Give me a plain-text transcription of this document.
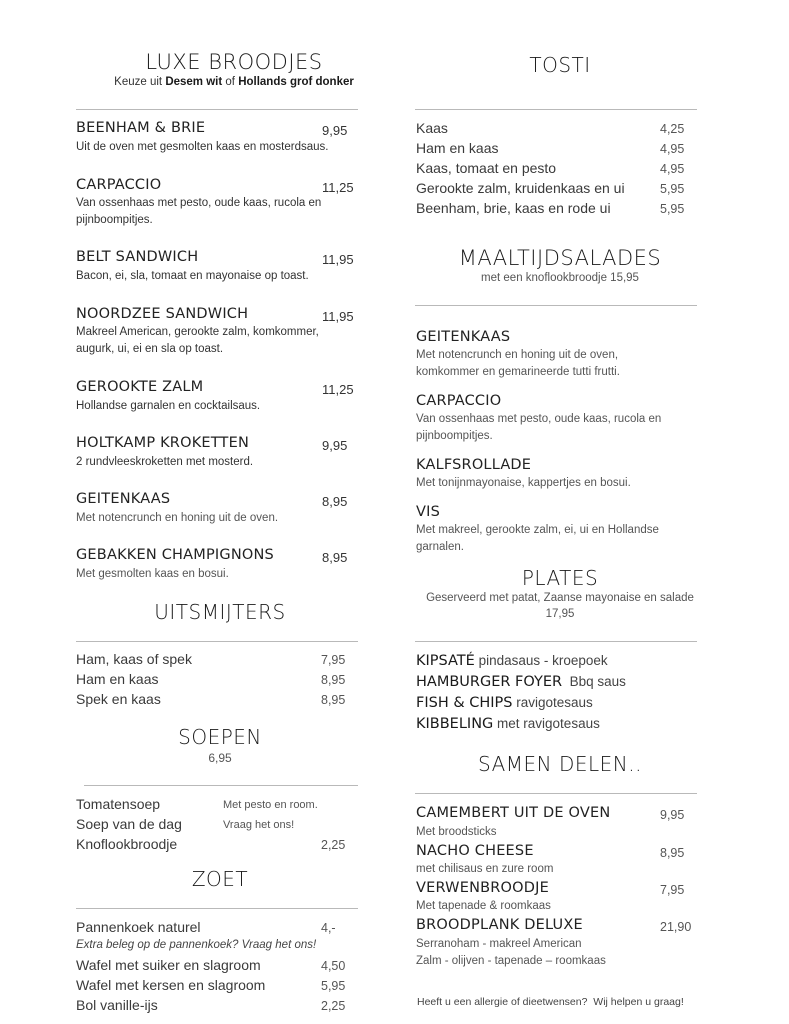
LUXE BROODJES
Keuze uit Desem wit of Hollands grof donker
BEENHAM & BRIE	9,95
Uit de oven met gesmolten kaas en mosterdsaus.
CARPACCIO	11,25
Van ossenhaas met pesto, oude kaas, rucola en
pijnboompitjes.
BELT SANDWICH	11,95
Bacon, ei, sla, tomaat en mayonaise op toast.
NOORDZEE SANDWICH	11,95
Makreel American, gerookte zalm, komkommer,
augurk, ui, ei en sla op toast.
GEROOKTE ZALM	11,25
Hollandse garnalen en cocktailsaus.
HOLTKAMP KROKETTEN	9,95
2 rundvleeskroketten met mosterd.
GEITENKAAS	8,95
Met notencrunch en honing uit de oven.
GEBAKKEN CHAMPIGNONS	8,95
Met gesmolten kaas en bosui.
UITSMIJTERS
Ham, kaas of spek	7,95
Ham en kaas	8,95
Spek en kaas	8,95
SOEPEN
6,95
Tomatensoep	Met pesto en room.
Soep van de dag	Vraag het ons!
Knoflookbroodje	2,25
ZOET
Pannenkoek naturel	4,-
Extra beleg op de pannenkoek? Vraag het ons!
Wafel met suiker en slagroom	4,50
Wafel met kersen en slagroom	5,95
Bol vanille-ijs	2,25
TOSTI
Kaas	4,25
Ham en kaas	4,95
Kaas, tomaat en pesto	4,95
Gerookte zalm, kruidenkaas en ui	5,95
Beenham, brie, kaas en rode ui	5,95
MAALTIJDSALADES
met een knoflookbroodje 15,95
GEITENKAAS
Met notencrunch en honing uit de oven,
komkommer en gemarineerde tutti frutti.
CARPACCIO
Van ossenhaas met pesto, oude kaas, rucola en
pijnboompitjes.
KALFSROLLADE
Met tonijnmayonaise, kappertjes en bosui.
VIS
Met makreel, gerookte zalm, ei, ui en Hollandse
garnalen.
PLATES
Geserveerd met patat, Zaanse mayonaise en salade
17,95
KIPSATÉ pindasaus - kroepoek
HAMBURGER FOYER  Bbq saus
FISH & CHIPS ravigotesaus
KIBBELING met ravigotesaus
SAMEN DELEN..
CAMEMBERT UIT DE OVEN	9,95
Met broodsticks
NACHO CHEESE	8,95
met chilisaus en zure room
VERWENBROODJE	7,95
Met tapenade & roomkaas
BROODPLANK DELUXE	21,90
Serranoham - makreel American
Zalm - olijven - tapenade – roomkaas
Heeft u een allergie of dieetwensen?  Wij helpen u graag!
